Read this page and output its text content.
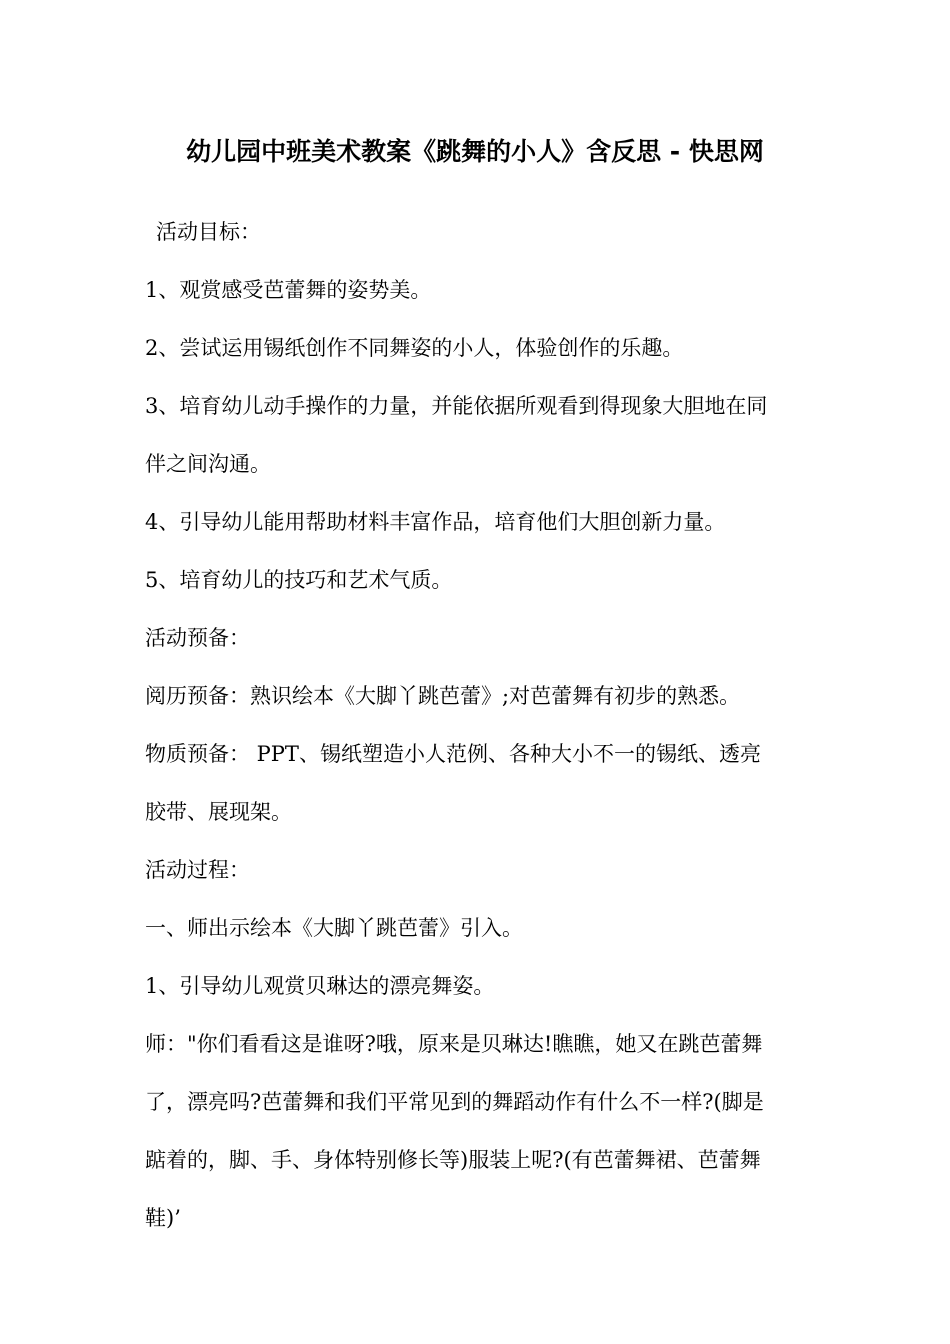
幼儿园中班美术教案《跳舞的小人》含反思 - 快思网
活动目标：
1、观赏感受芭蕾舞的姿势美。
2、尝试运用锡纸创作不同舞姿的小人，体验创作的乐趣。
3、培育幼儿动手操作的力量，并能依据所观看到得现象大胆地在同
伴之间沟通。
4、引导幼儿能用帮助材料丰富作品，培育他们大胆创新力量。
5、培育幼儿的技巧和艺术气质。
活动预备：
阅历预备：熟识绘本《大脚丫跳芭蕾》;对芭蕾舞有初步的熟悉。
物质预备： PPT、锡纸塑造小人范例、各种大小不一的锡纸、透亮
胶带、展现架。
活动过程：
一、师出示绘本《大脚丫跳芭蕾》引入。
1、引导幼儿观赏贝琳达的漂亮舞姿。
师："你们看看这是谁呀?哦，原来是贝琳达!瞧瞧，她又在跳芭蕾舞
了，漂亮吗?芭蕾舞和我们平常见到的舞蹈动作有什么不一样?(脚是
踮着的，脚、手、身体特别修长等)服装上呢?(有芭蕾舞裙、芭蕾舞
鞋)’
